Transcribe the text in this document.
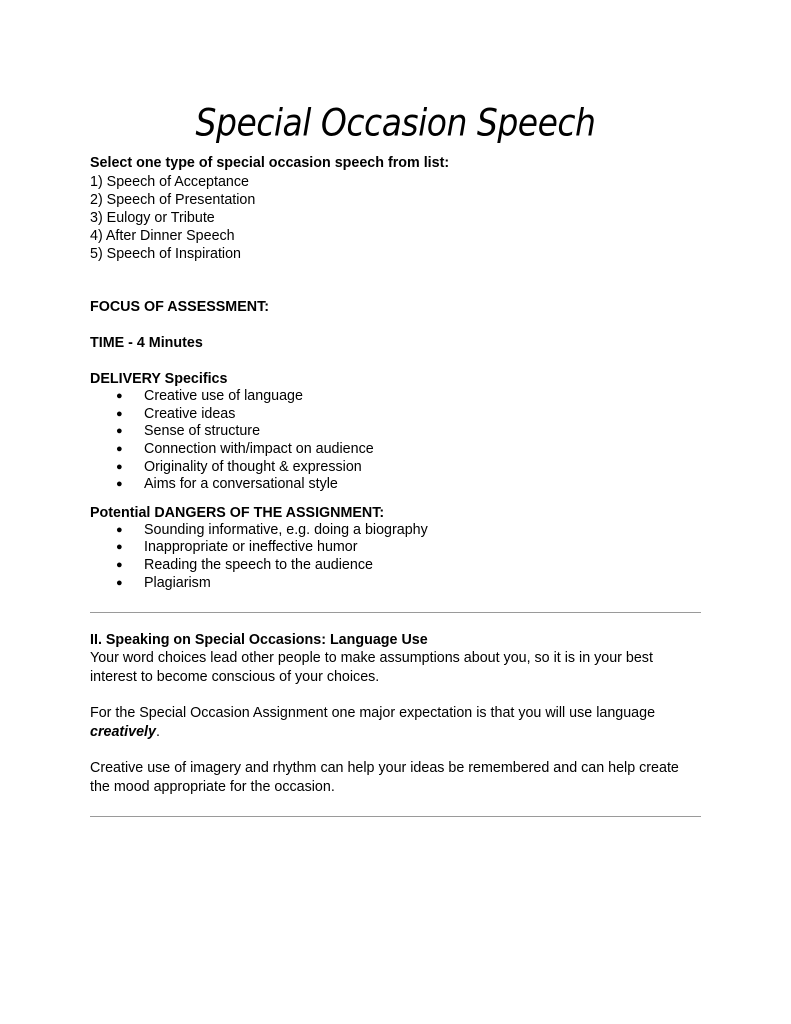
Special Occasion Speech

Select one type of special occasion speech from list:

1) Speech of Acceptance
2) Speech of Presentation
3) Eulogy or Tribute
4) After Dinner Speech
5) Speech of Inspiration

FOCUS OF ASSESSMENT:

TIME - 4 Minutes

DELIVERY Specifics

● Creative use of language
● Creative ideas
● Sense of structure
● Connection with/impact on audience
● Originality of thought & expression
● Aims for a conversational style

Potential DANGERS OF THE ASSIGNMENT:

● Sounding informative, e.g. doing a biography
● Inappropriate or ineffective humor
● Reading the speech to the audience
● Plagiarism

II. Speaking on Special Occasions: Language Use

Your word choices lead other people to make assumptions about you, so it is in your best interest to become conscious of your choices.

For the Special Occasion Assignment one major expectation is that you will use language creatively.

Creative use of imagery and rhythm can help your ideas be remembered and can help create the mood appropriate for the occasion.
